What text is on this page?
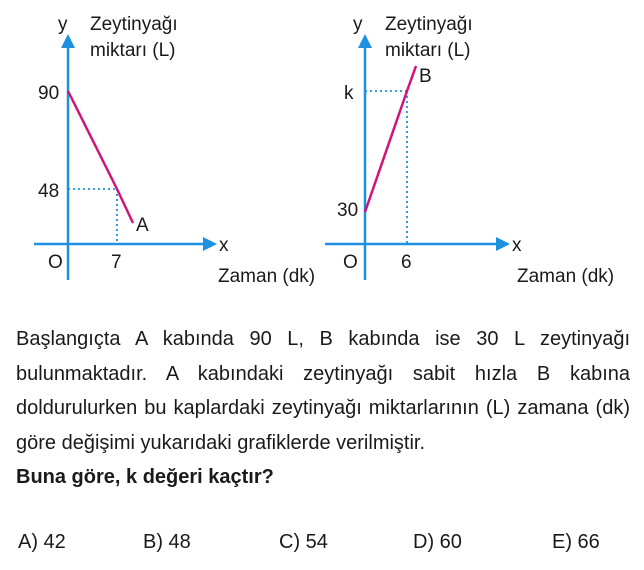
y Zeytinyağı
miktarı (L)
90
48
O	7
x
Zaman (dk)
A
y Zeytinyağı
miktarı (L)
k
30
O 6
x
Zaman (dk)
B

Başlangıçta A kabında 90 L, B kabında ise 30 L zeytinyağı bulunmaktadır. A kabındaki zeytinyağı sabit hızla B kabına doldurulurken bu kaplardaki zeytinyağı miktarlarının (L) zamana (dk) göre değişimi yukarıdaki grafiklerde verilmiştir.

Buna göre, k değeri kaçtır?

A) 42	B) 48	C) 54	D) 60	E) 66
